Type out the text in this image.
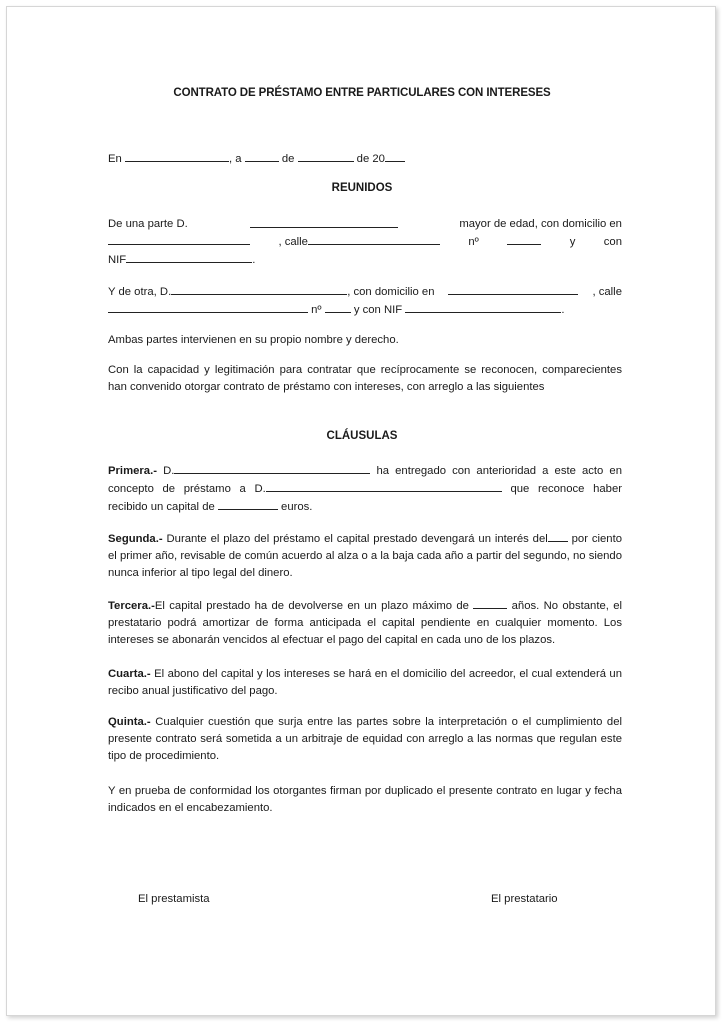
CONTRATO DE PRÉSTAMO ENTRE PARTICULARES CON INTERESES
En	, a	de	de 20
REUNIDOS
De una parte D.	mayor de edad, con domicilio en
, calle	nº	y	con
NIF	.
Y de otra, D.	, con domicilio en	, calle
nº	y con NIF	.
Ambas partes intervienen en su propio nombre y derecho.
Con la capacidad y legitimación para contratar que recíprocamente se reconocen, comparecientes han convenido otorgar contrato de préstamo con intereses, con arreglo a las siguientes
CLÁUSULAS
Primera.- D.	ha entregado con anterioridad a este acto en concepto de préstamo a D.	que reconoce haber recibido un capital de	euros.
Segunda.- Durante el plazo del préstamo el capital prestado devengará un interés del por ciento el primer año, revisable de común acuerdo al alza o a la baja cada año a partir del segundo, no siendo nunca inferior al tipo legal del dinero.
Tercera.-El capital prestado ha de devolverse en un plazo máximo de	años. No obstante, el prestatario podrá amortizar de forma anticipada el capital pendiente en cualquier momento. Los intereses se abonarán vencidos al efectuar el pago del capital en cada uno de los plazos.
Cuarta.- El abono del capital y los intereses se hará en el domicilio del acreedor, el cual extenderá un recibo anual justificativo del pago.
Quinta.- Cualquier cuestión que surja entre las partes sobre la interpretación o el cumplimiento del presente contrato será sometida a un arbitraje de equidad con arreglo a las normas que regulan este tipo de procedimiento.
Y en prueba de conformidad los otorgantes firman por duplicado el presente contrato en lugar y fecha indicados en el encabezamiento.
El prestamista	El prestatario
